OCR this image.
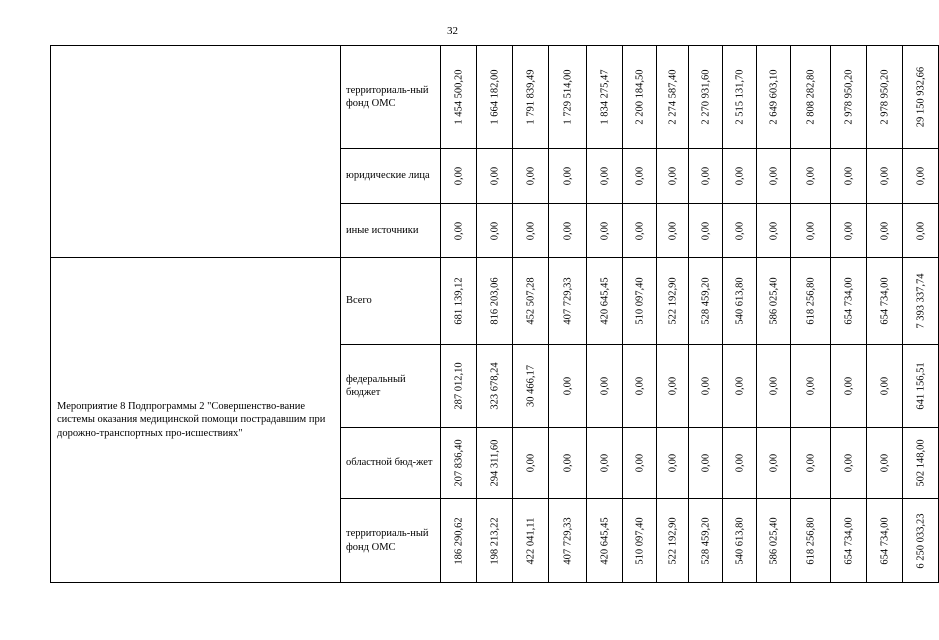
32
	территориаль-ный фонд ОМС	1 454 500,20	1 664 182,00	1 791 839,49	1 729 514,00	1 834 275,47	2 200 184,50	2 274 587,40	2 270 931,60	2 515 131,70	2 649 603,10	2 808 282,80	2 978 950,20	2 978 950,20	29 150 932,66

	юридические лица	0,00	0,00	0,00	0,00	0,00	0,00	0,00	0,00	0,00	0,00	0,00	0,00	0,00	0,00

	иные источники	0,00	0,00	0,00	0,00	0,00	0,00	0,00	0,00	0,00	0,00	0,00	0,00	0,00	0,00

Мероприятие 8 Подпрограммы 2 "Совершенство-вание системы оказания медицинской помощи пострадавшим при дорожно-транспортных про-исшествиях"	Всего	681 139,12	816 203,06	452 507,28	407 729,33	420 645,45	510 097,40	522 192,90	528 459,20	540 613,80	586 025,40	618 256,80	654 734,00	654 734,00	7 393 337,74

	федеральный бюджет	287 012,10	323 678,24	30 466,17	0,00	0,00	0,00	0,00	0,00	0,00	0,00	0,00	0,00	0,00	641 156,51

	областной бюд-жет	207 836,40	294 311,60	0,00	0,00	0,00	0,00	0,00	0,00	0,00	0,00	0,00	0,00	0,00	502 148,00

	территориаль-ный фонд ОМС	186 290,62	198 213,22	422 041,11	407 729,33	420 645,45	510 097,40	522 192,90	528 459,20	540 613,80	586 025,40	618 256,80	654 734,00	654 734,00	6 250 033,23
